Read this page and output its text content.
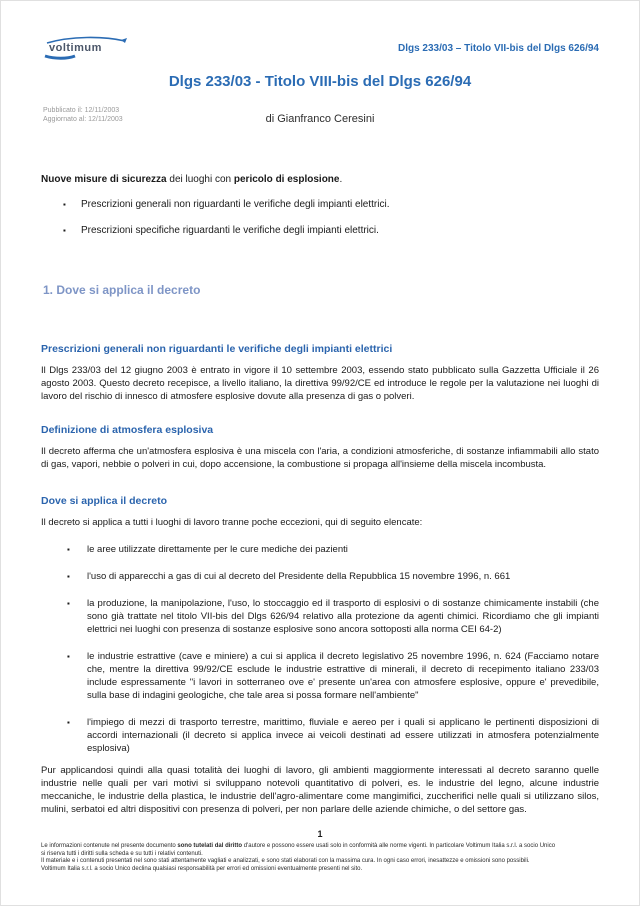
voltimum	Dlgs 233/03 – Titolo VII-bis del Dlgs 626/94
Dlgs 233/03 - Titolo VIII-bis del Dlgs 626/94
Pubblicato il: 12/11/2003
Aggiornato al: 12/11/2003	di Gianfranco Ceresini
Nuove misure di sicurezza dei luoghi con pericolo di esplosione.
▪ Prescrizioni generali non riguardanti le verifiche degli impianti elettrici.
▪ Prescrizioni specifiche riguardanti le verifiche degli impianti elettrici.
1. Dove si applica il decreto
Prescrizioni generali non riguardanti le verifiche degli impianti elettrici

Il Dlgs 233/03 del 12 giugno 2003 è entrato in vigore il 10 settembre 2003, essendo stato pubblicato sulla Gazzetta Ufficiale il 26 agosto 2003. Questo decreto recepisce, a livello italiano, la direttiva 99/92/CE ed introduce le regole per la valutazione nei luoghi di lavoro del rischio di innesco di atmosfere esplosive dovute alla presenza di gas o polveri.

Definizione di atmosfera esplosiva

Il decreto afferma che un'atmosfera esplosiva è una miscela con l'aria, a condizioni atmosferiche, di sostanze infiammabili allo stato di gas, vapori, nebbie o polveri in cui, dopo accensione, la combustione si propaga all'insieme della miscela incombusta.

Dove si applica il decreto

Il decreto si applica a tutti i luoghi di lavoro tranne poche eccezioni, qui di seguito elencate:

▪ le aree utilizzate direttamente per le cure mediche dei pazienti
▪ l'uso di apparecchi a gas di cui al decreto del Presidente della Repubblica 15 novembre 1996, n. 661
▪ la produzione, la manipolazione, l'uso, lo stoccaggio ed il trasporto di esplosivi o di sostanze chimicamente instabili (che sono già trattate nel titolo VII-bis del Dlgs 626/94 relativo alla protezione da agenti chimici. Ricordiamo che gli impianti elettrici nei luoghi con presenza di sostanze esplosive sono ancora sottoposti alla norma CEI 64-2)
▪ le industrie estrattive (cave e miniere) a cui si applica il decreto legislativo 25 novembre 1996, n. 624 (Facciamo notare che, mentre la direttiva 99/92/CE esclude le industrie estrattive di minerali, il decreto di recepimento italiano 233/03 include espressamente "i lavori in sotterraneo ove e' presente un'area con atmosfere esplosive, oppure e' prevedibile, sulla base di indagini geologiche, che tale area si possa formare nell'ambiente"
▪ l'impiego di mezzi di trasporto terrestre, marittimo, fluviale e aereo per i quali si applicano le pertinenti disposizioni di accordi internazionali (il decreto si applica invece ai veicoli destinati ad essere utilizzati in atmosfera potenzialmente esplosiva)

Pur applicandosi quindi alla quasi totalità dei luoghi di lavoro, gli ambienti maggiormente interessati al decreto saranno quelle industrie nelle quali per vari motivi si sviluppano notevoli quantitativo di polveri, es. le industrie del legno, alcune industrie meccaniche, le industrie della plastica, le industrie dell'agro-alimentare come mangimifici, zuccherifici nelle quali si utilizzano silos, mulini, serbatoi ed altri dispositivi con presenza di polveri, per non parlare delle aziende chimiche, o del settore gas.

1
Le informazioni contenute nel presente documento sono tutelati dal diritto d'autore e possono essere usati solo in conformità alle norme vigenti. In particolare Voltimum Italia s.r.l. a socio Unico
si riserva tutti i diritti sulla scheda e su tutti i relativi contenuti.
Il materiale e i contenuti presentati nel sono stati attentamente vagliati e analizzati, e sono stati elaborati con la massima cura. In ogni caso errori, inesattezze e omissioni sono possibili.
Voltimum Italia s.r.l. a socio Unico declina qualsiasi responsabilità per errori ed omissioni eventualmente presenti nel sito.
